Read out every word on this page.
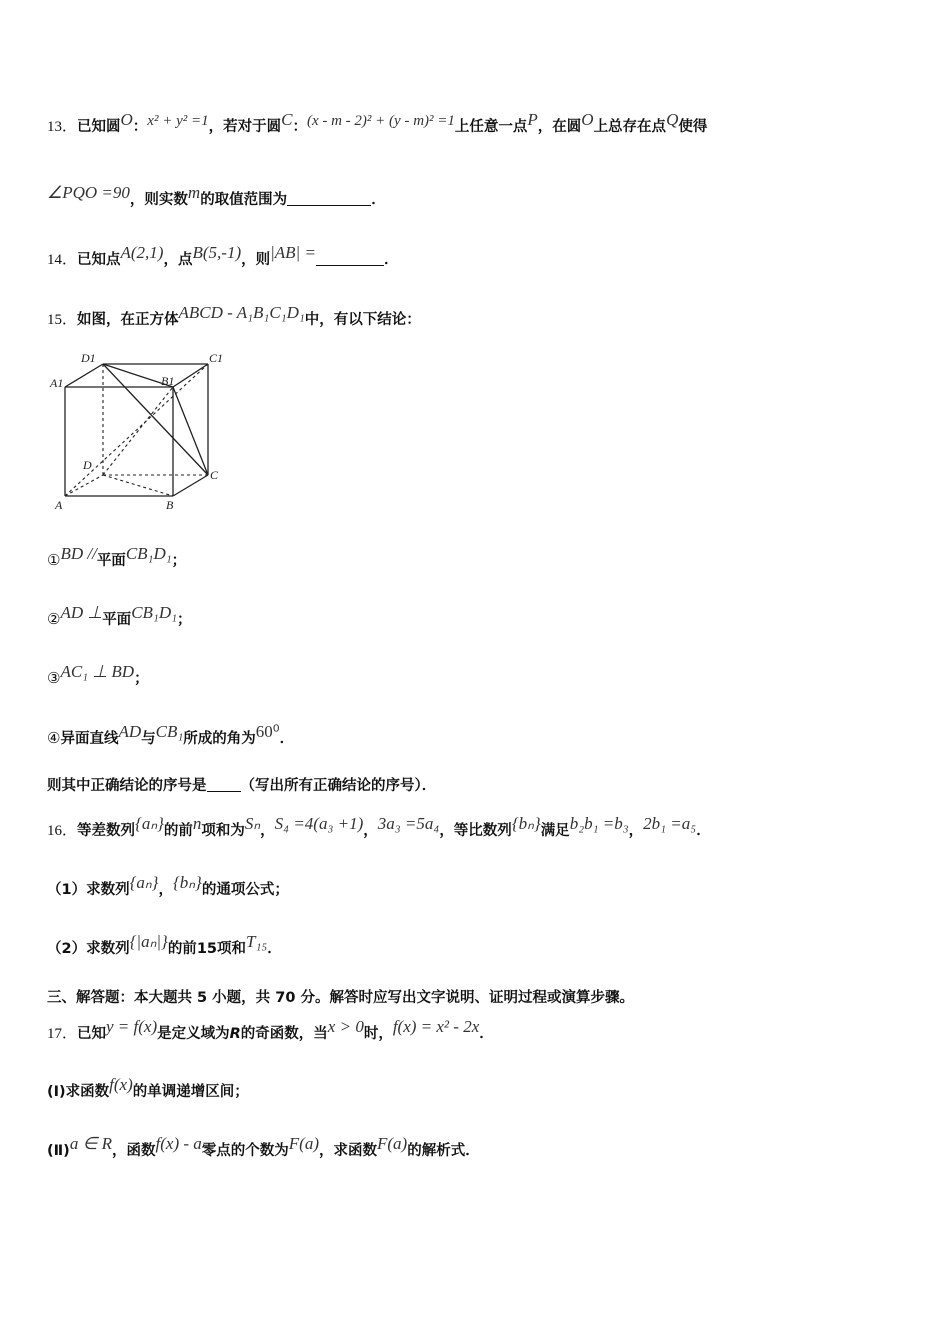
13．已知圆O：x² + y² =1，若对于圆C：(x - m - 2)² + (y - m)² =1上任意一点P，在圆O上总存在点Q使得
∠PQO =90，则实数m的取值范围为	．
14．已知点A(2,1)，点B(5,-1)，则|AB| =	．
15．如图，在正方体ABCD - A₁B₁C₁D₁中，有以下结论：
D1	C1
A1	B1
D
C
A	B
①BD //平面CB₁D₁；
②AD ⊥平面CB₁D₁；
③AC₁ ⊥ BD；
④异面直线AD与CB₁所成的角为60⁰．
则其中正确结论的序号是 （写出所有正确结论的序号）．
16．等差数列{aₙ}的前n项和为Sₙ，S₄ =4(a₃ +1)，3a₃ =5a₄，等比数列{bₙ}满足b₂b₁ =b₃，2b₁ =a₅．
（1）求数列{aₙ}，{bₙ}的通项公式；
（2）求数列{|aₙ|}的前15项和T₁₅．
三、解答题：本大题共 5 小题，共 70 分。解答时应写出文字说明、证明过程或演算步骤。
17．已知y = f(x)是定义域为R的奇函数，当x > 0时，f(x) = x² - 2x．
(Ⅰ)求函数f(x)的单调递增区间；
(Ⅱ)a ∈ R，函数f(x) - a零点的个数为F(a)，求函数F(a)的解析式．
